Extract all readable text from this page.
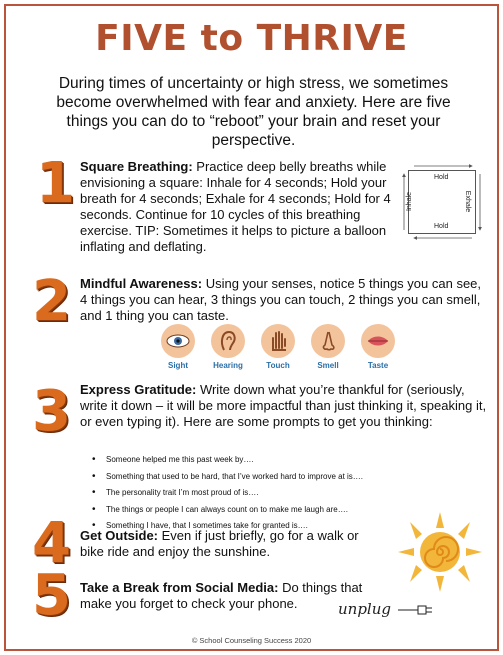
FIVE to THRIVE
During times of uncertainty or high stress, we sometimes become overwhelmed with fear and anxiety. Here are five things you can do to “reboot” your brain and reset your perspective.
1 Square Breathing: Practice deep belly breaths while envisioning a square: Inhale for 4 seconds; Hold your breath for 4 seconds; Exhale for 4 seconds; Hold for 4 seconds. Continue for 10 cycles of this breathing exercise. TIP: Sometimes it helps to picture a balloon inflating and deflating.
Hold
Hold
Inhale	Exhale
2 Mindful Awareness: Using your senses, notice 5 things you can see, 4 things you can hear, 3 things you can touch, 2 things you can smell, and 1 thing you can taste.
Sight	Hearing	Touch	Smell	Taste
3 Express Gratitude: Write down what you’re thankful for (seriously, write it down – it will be more impactful than just thinking it, speaking it, or even typing it). Here are some prompts to get you thinking:
• Someone helped me this past week by….
• Something that used to be hard, that I’ve worked hard to improve at is….
• The personality trait I’m most proud of is….
• The things or people I can always count on to make me laugh are….
• Something I have, that I sometimes take for granted is….
4 Get Outside: Even if just briefly, go for a walk or bike ride and enjoy the sunshine.
5 Take a Break from Social Media: Do things that make you forget to check your phone.	unplug
© School Counseling Success 2020
